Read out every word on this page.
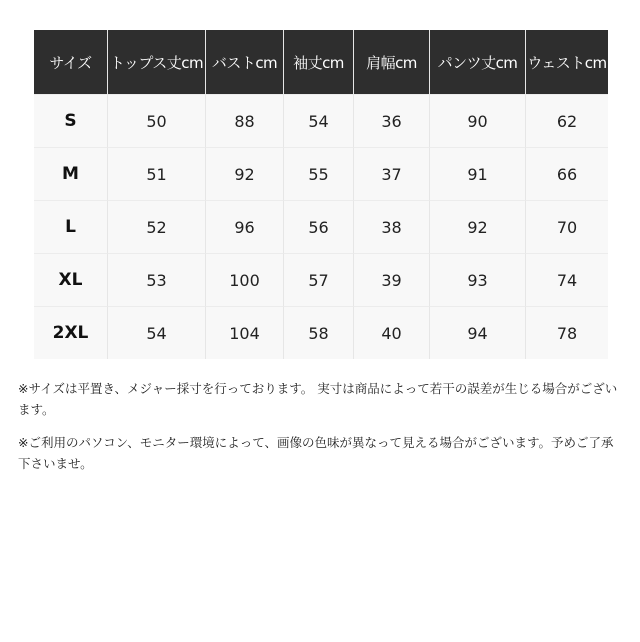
サイズ	トップス丈cm	バストcm	袖丈cm	肩幅cm	パンツ丈cm	ウェストcm
S	50	88	54	36	90	62
M	51	92	55	37	91	66
L	52	96	56	38	92	70
XL	53	100	57	39	93	74
2XL	54	104	58	40	94	78

※サイズは平置き、メジャー採寸を行っております。 実寸は商品によって若干の誤差が生じる場合がございます。

※ご利用のパソコン、モニター環境によって、画像の色味が異なって見える場合がございます。予めご了承下さいませ。
